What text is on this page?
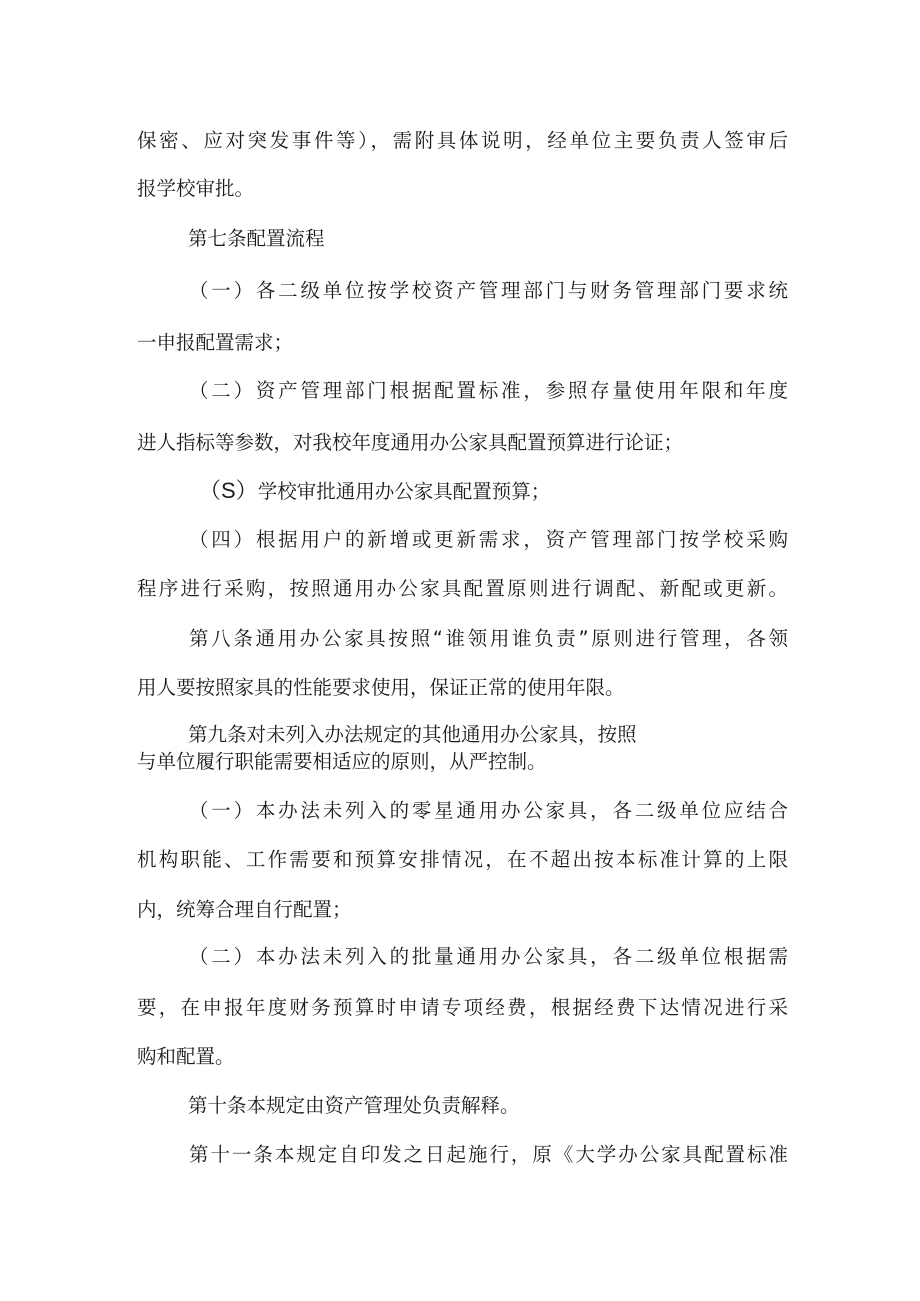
保密、应对突发事件等），需附具体说明，经单位主要负责人签审后

报学校审批。

第七条配置流程

（一）各二级单位按学校资产管理部门与财务管理部门要求统

一申报配置需求；

（二）资产管理部门根据配置标准，参照存量使用年限和年度

进人指标等参数，对我校年度通用办公家具配置预算进行论证；

（S）学校审批通用办公家具配置预算；

（四）根据用户的新增或更新需求，资产管理部门按学校采购

程序进行采购，按照通用办公家具配置原则进行调配、新配或更新。

第八条通用办公家具按照“谁领用谁负责”原则进行管理，各领

用人要按照家具的性能要求使用，保证正常的使用年限。

第九条对未列入办法规定的其他通用办公家具，按照

与单位履行职能需要相适应的原则，从严控制。

（一）本办法未列入的零星通用办公家具，各二级单位应结合

机构职能、工作需要和预算安排情况，在不超出按本标准计算的上限

内，统筹合理自行配置；

（二）本办法未列入的批量通用办公家具，各二级单位根据需

要，在申报年度财务预算时申请专项经费，根据经费下达情况进行采

购和配置。

第十条本规定由资产管理处负责解释。

第十一条本规定自印发之日起施行，原《大学办公家具配置标准
